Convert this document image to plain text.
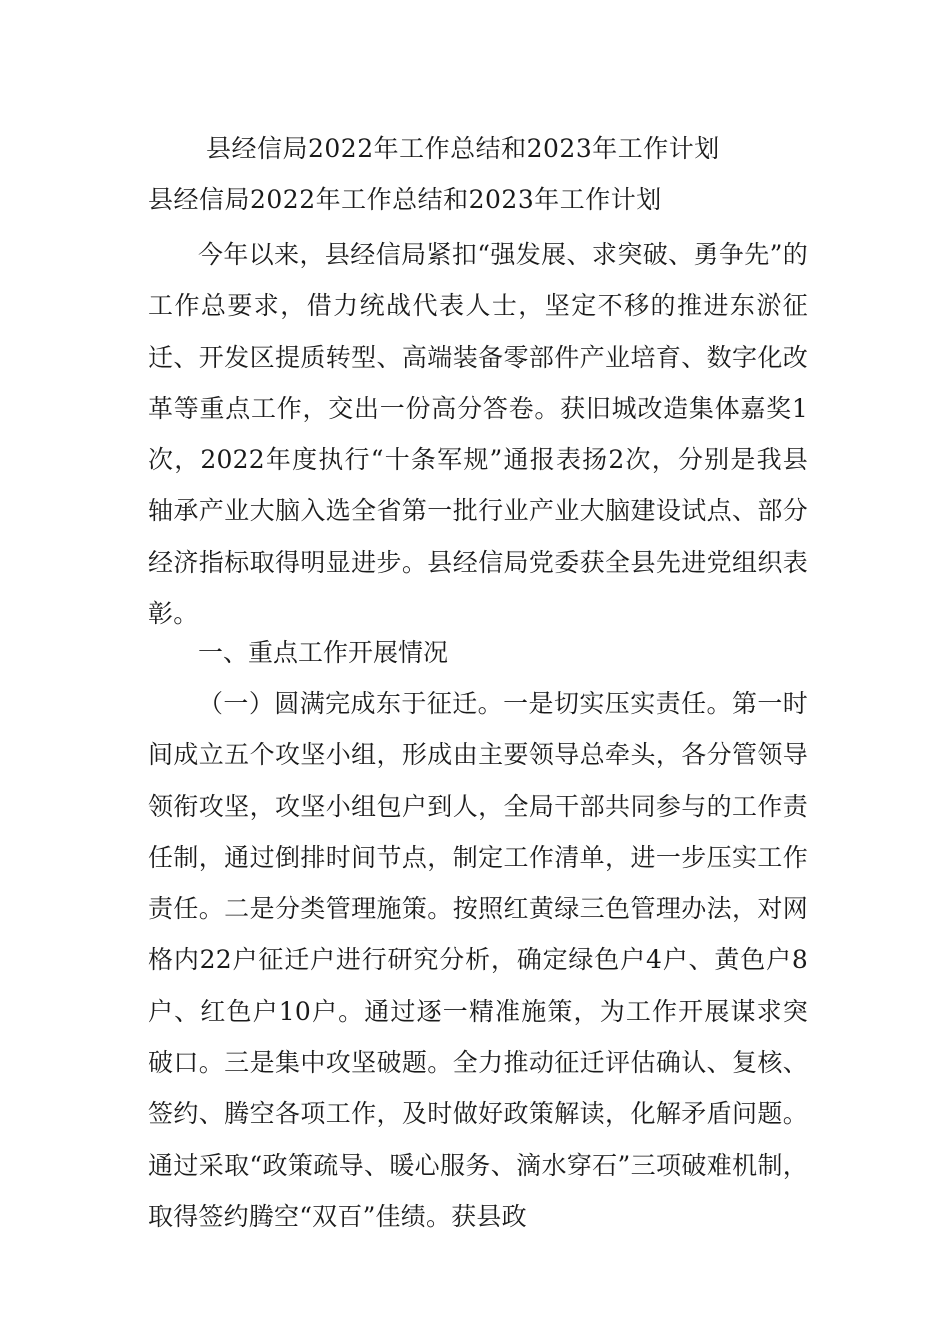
县经信局2022年工作总结和2023年工作计划
县经信局2022年工作总结和2023年工作计划

今年以来，县经信局紧扣“强发展、求突破、勇争先”的工作总要求，借力统战代表人士，坚定不移的推进东淤征迁、开发区提质转型、高端装备零部件产业培育、数字化改革等重点工作，交出一份高分答卷。获旧城改造集体嘉奖1次，2022年度执行“十条军规”通报表扬2次，分别是我县轴承产业大脑入选全省第一批行业产业大脑建设试点、部分经济指标取得明显进步。县经信局党委获全县先进党组织表彰。

一、重点工作开展情况

（一）圆满完成东于征迁。一是切实压实责任。第一时间成立五个攻坚小组，形成由主要领导总牵头，各分管领导领衔攻坚，攻坚小组包户到人，全局干部共同参与的工作责任制，通过倒排时间节点，制定工作清单，进一步压实工作责任。二是分类管理施策。按照红黄绿三色管理办法，对网格内22户征迁户进行研究分析，确定绿色户4户、黄色户8户、红色户10户。通过逐一精准施策，为工作开展谋求突破口。三是集中攻坚破题。全力推动征迁评估确认、复核、签约、腾空各项工作，及时做好政策解读，化解矛盾问题。通过采取“政策疏导、暖心服务、滴水穿石”三项破难机制，取得签约腾空“双百”佳绩。获县政
